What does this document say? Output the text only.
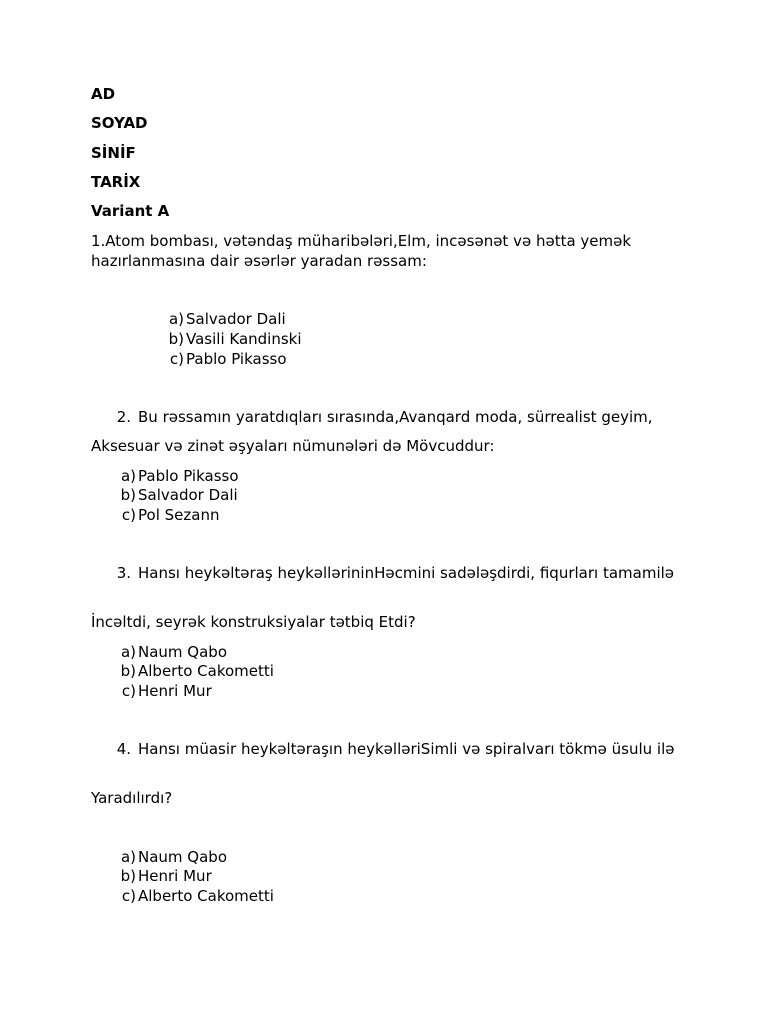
AD

SOYAD

SİNİF

TARİX

Variant A

1.Atom bombası, vətəndaş müharibələri,Elm, incəsənət və hətta yemək hazırlanmasına dair əsərlər yaradan rəssam:

a) Salvador Dali
b) Vasili Kandinski
c) Pablo Pikasso
2. Bu rəssamın yaratdıqları sırasında,Avanqard moda, sürrealist geyim,

Aksesuar və zinət əşyaları nümunələri də Mövcuddur:

a) Pablo Pikasso
b) Salvador Dali
c) Pol Sezann
3. Hansı heykəltəraş heykəllərininHəcmini sadələşdirdi, fiqurları tamamilə

İncəltdi, seyrək konstruksiyalar tətbiq Etdi?

a) Naum Qabo
b) Alberto Cakometti
c) Henri Mur
4. Hansı müasir heykəltəraşın heykəlləriSimli və spiralvarı tökmə üsulu ilə

Yaradılırdı?

a) Naum Qabo
b) Henri Mur
c) Alberto Cakometti
